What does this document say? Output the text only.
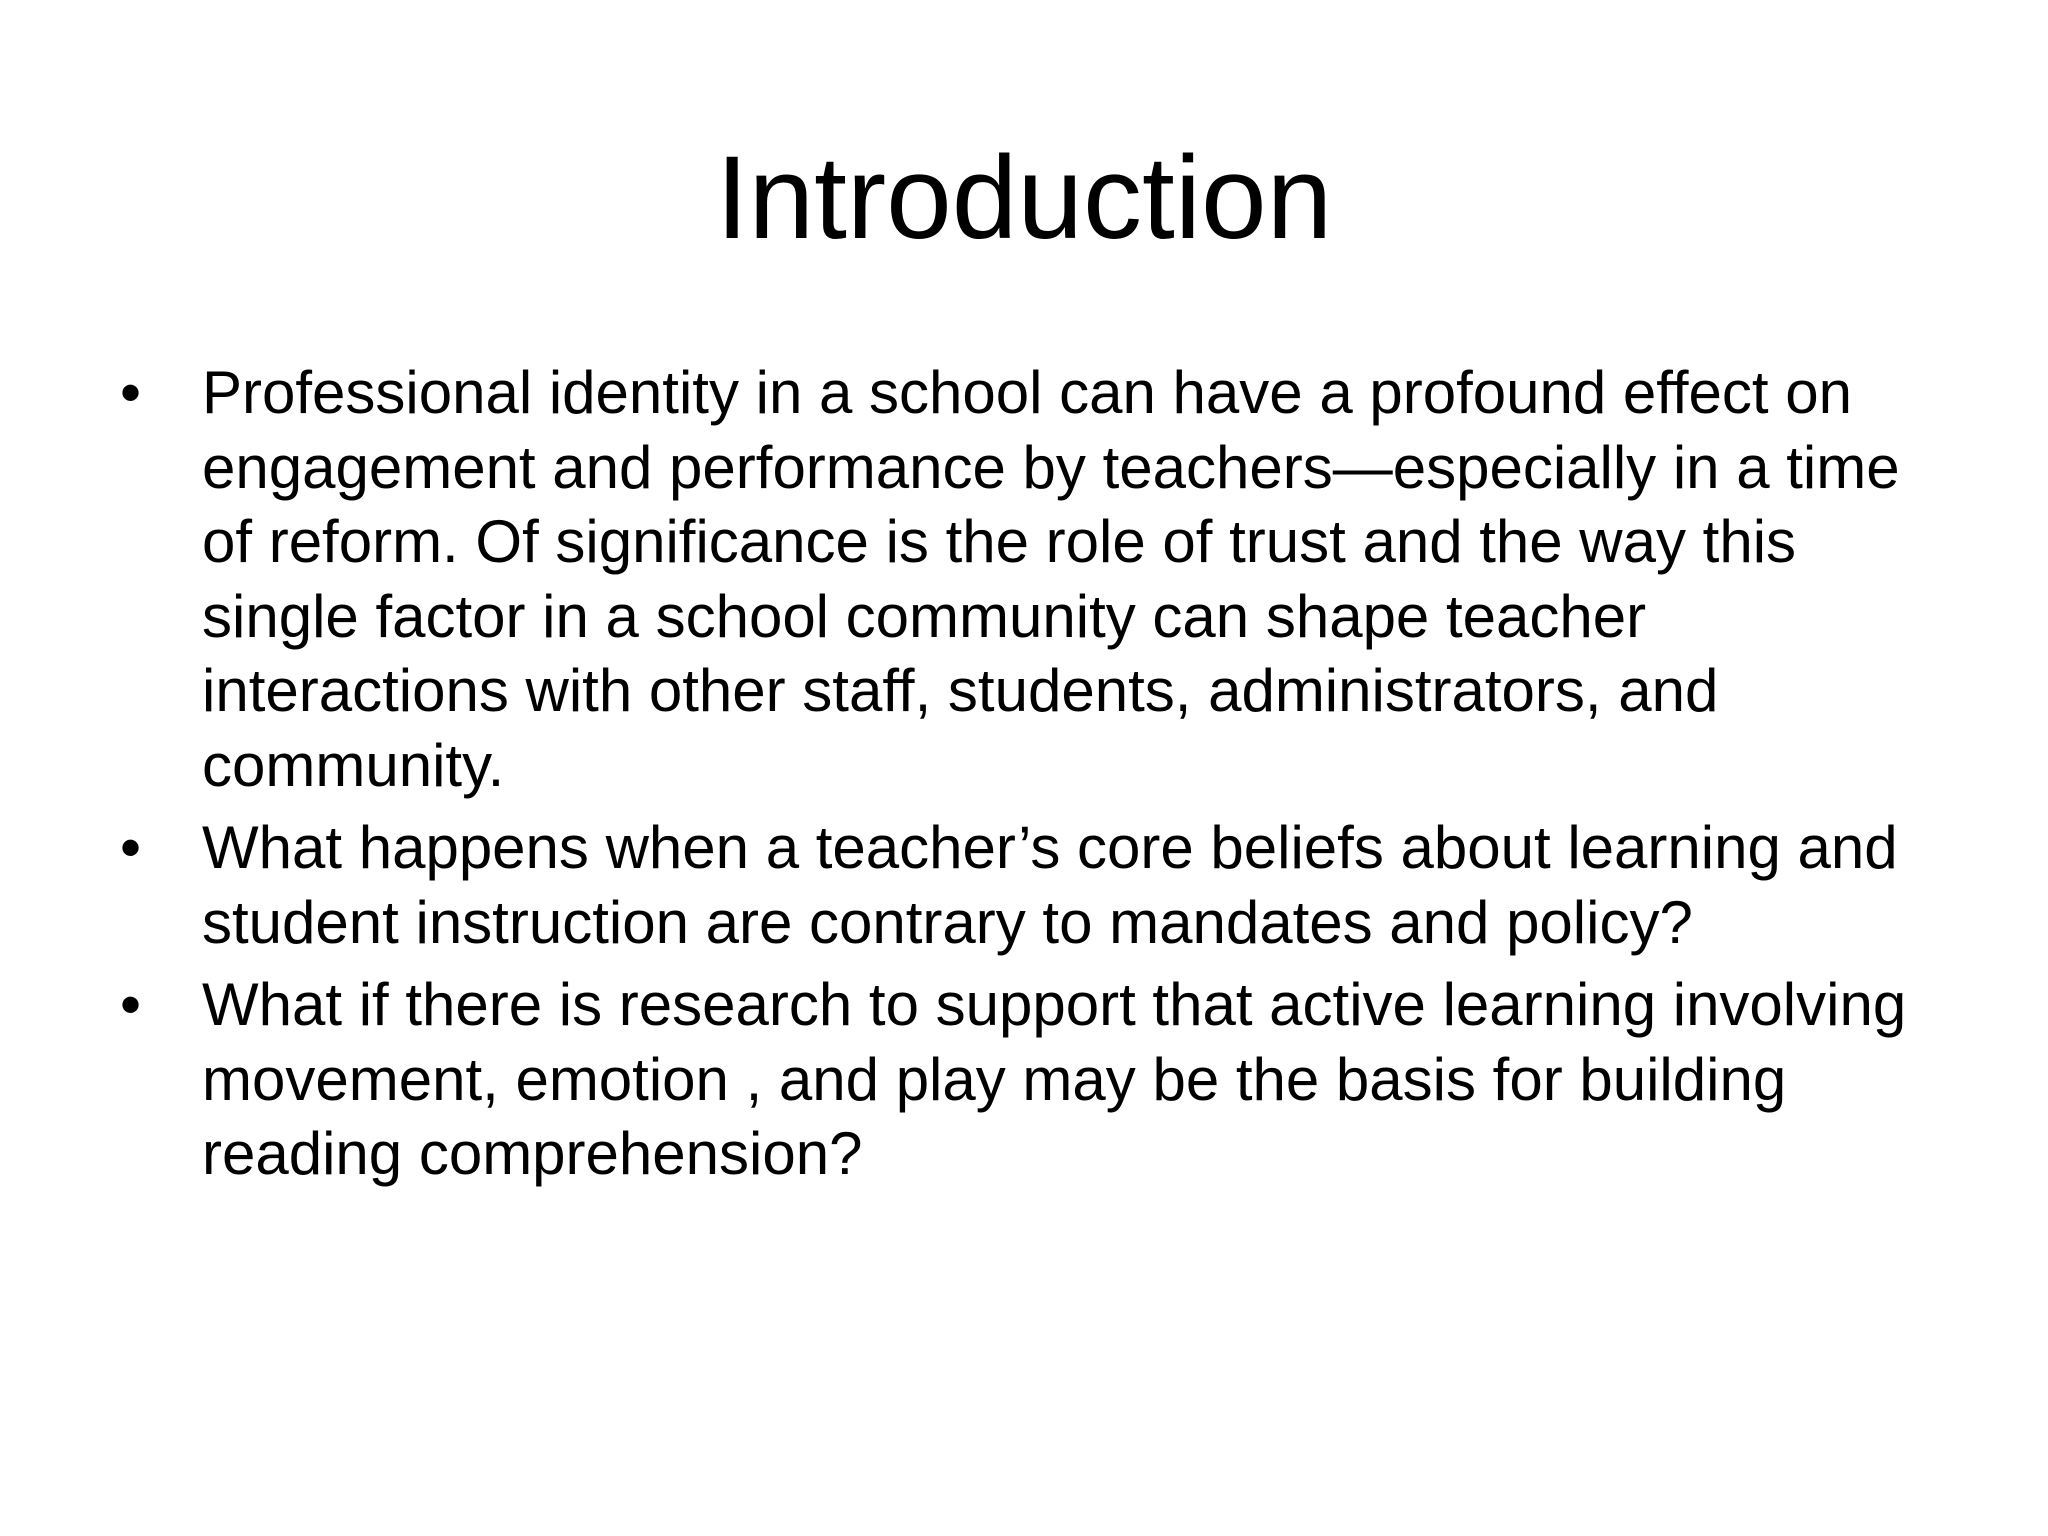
Introduction
•	Professional identity in a school can have a profound effect on engagement and performance by teachers—especially in a time of reform. Of significance is the role of trust and the way this single factor in a school community can shape teacher interactions with other staff, students, administrators, and community.
•	What happens when a teacher’s core beliefs about learning and student instruction are contrary to mandates and policy?
•	What if there is research to support that active learning involving movement, emotion , and play may be the basis for building reading comprehension?
